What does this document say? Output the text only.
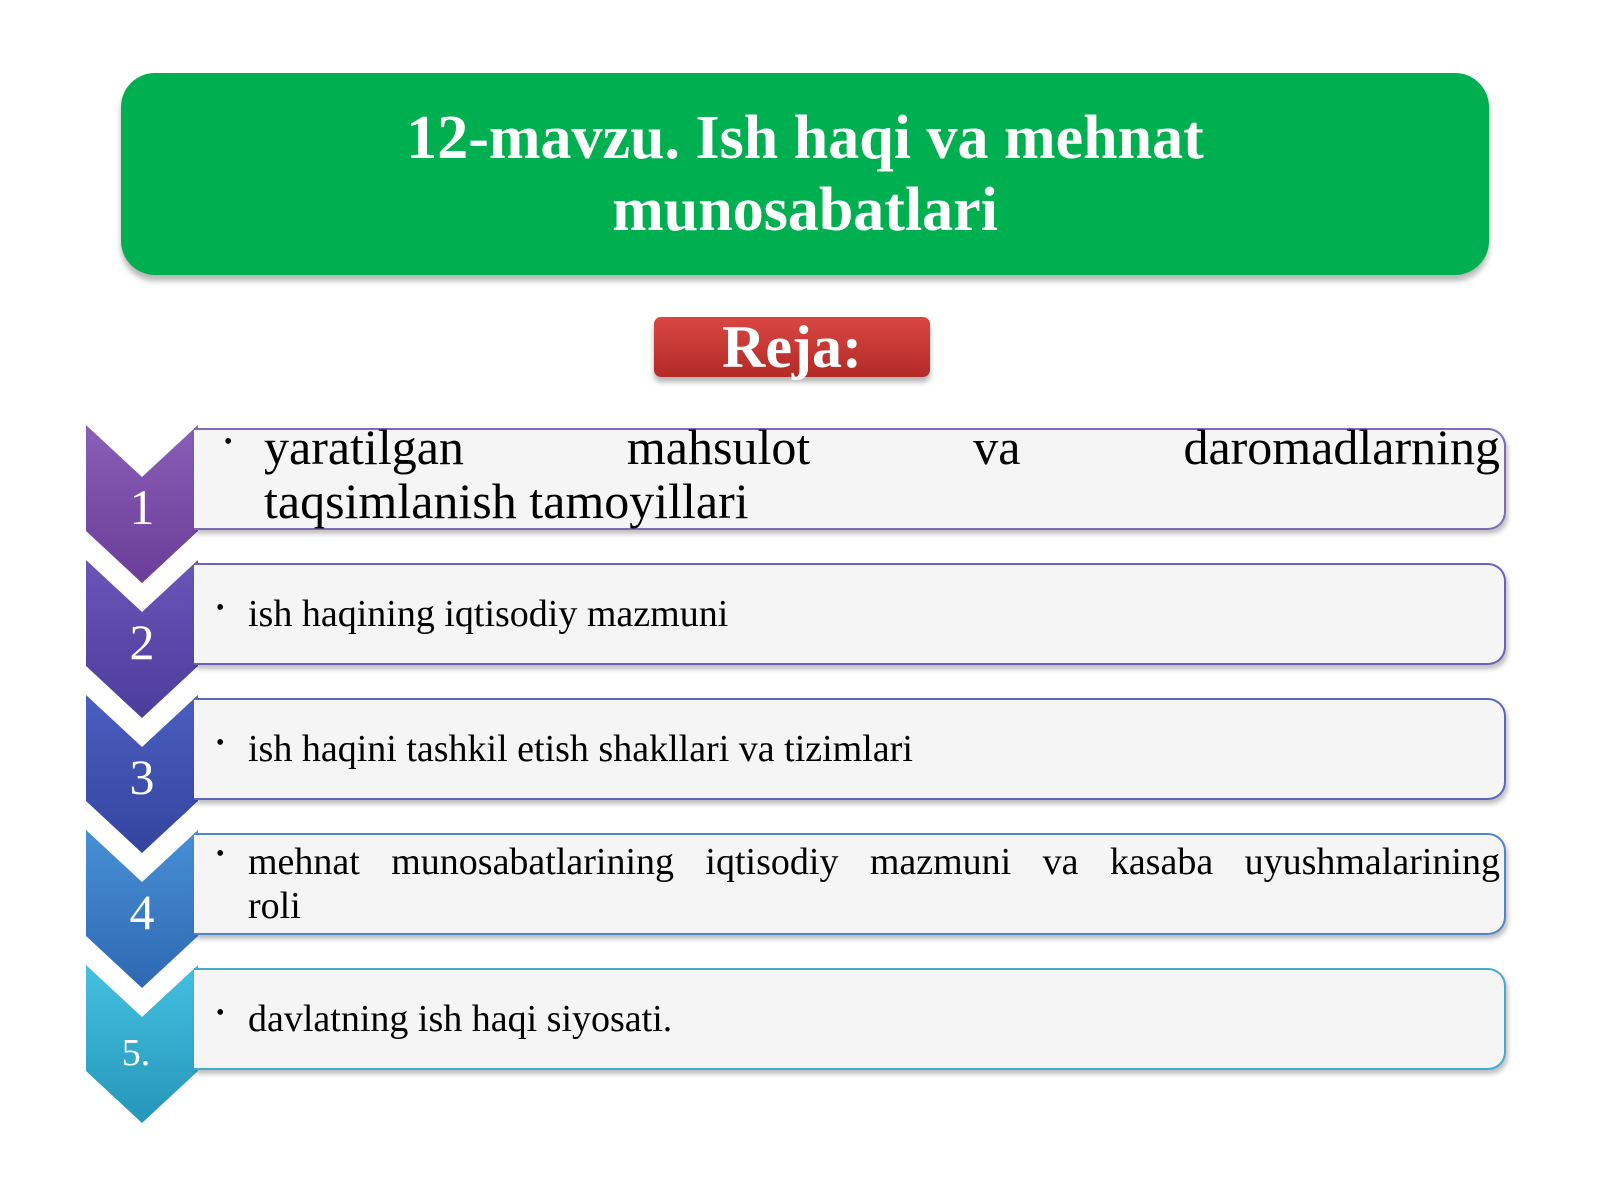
12-mavzu. Ish haqi va mehnat
munosabatlari
Reja:
1
2
3
4
5.
•
•
•
•
•
yaratilgan	mahsulot	va	daromadlarning
taqsimlanish tamoyillari
ish haqining iqtisodiy mazmuni
ish haqini tashkil etish shakllari va tizimlari
mehnat munosabatlarining iqtisodiy mazmuni va kasaba uyushmalarining
roli
davlatning ish haqi siyosati.
